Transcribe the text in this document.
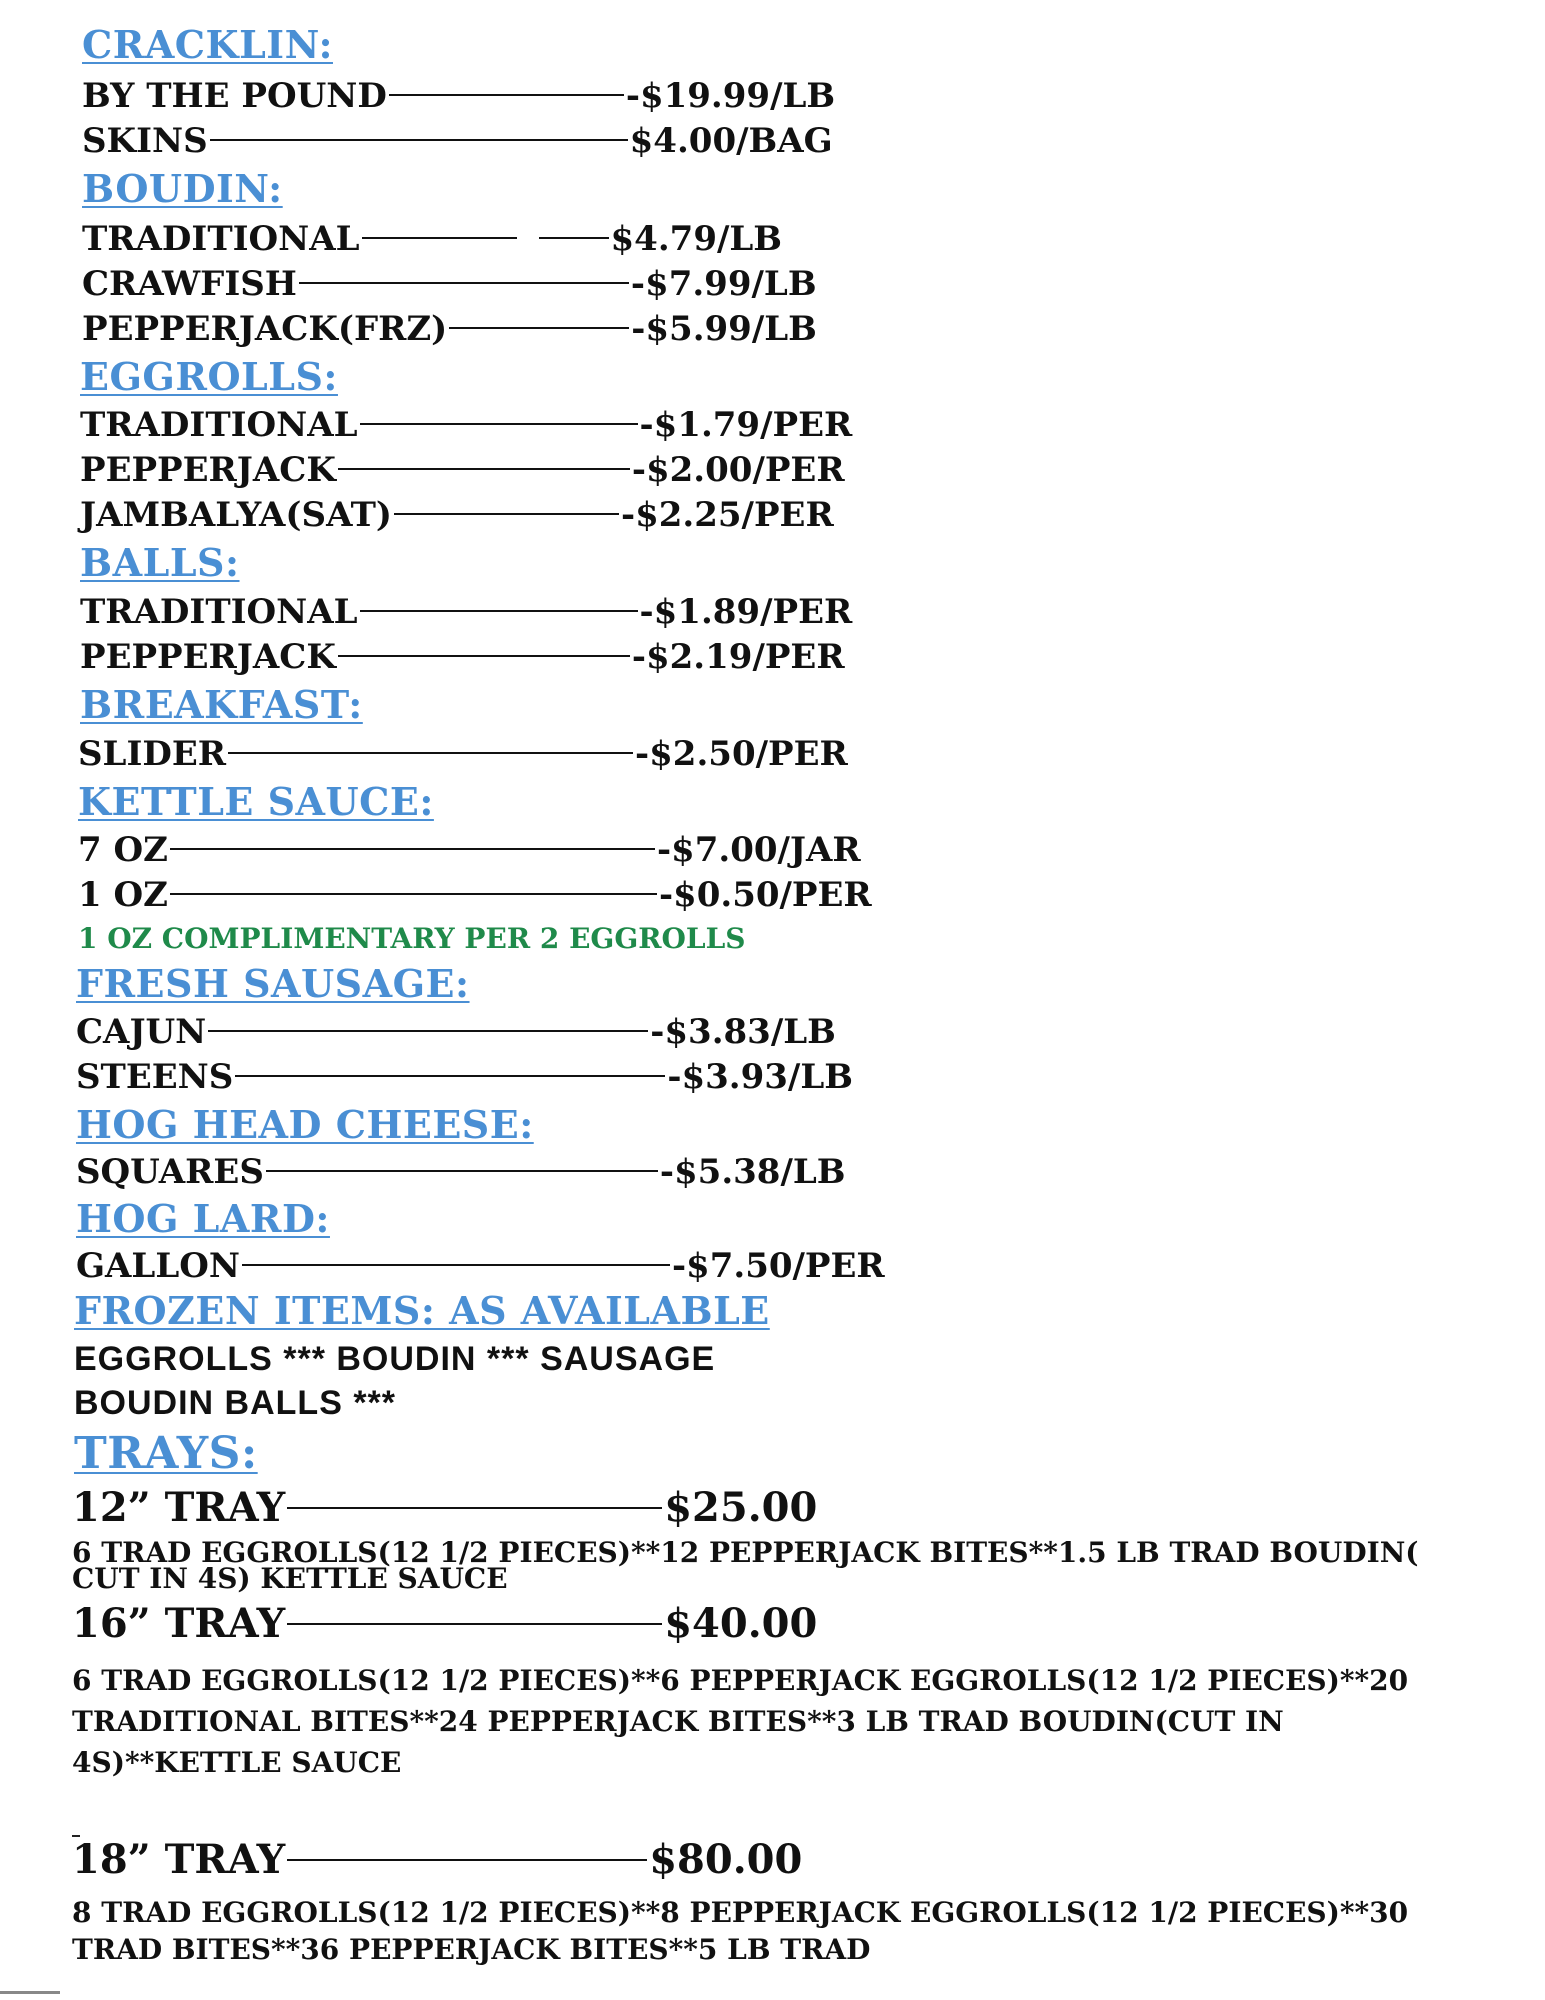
CRACKLIN:
BY THE POUND	-$19.99/LB
SKINS	$4.00/BAG
BOUDIN:
TRADITIONAL	$4.79/LB
CRAWFISH	-$7.99/LB
PEPPERJACK(FRZ)	-$5.99/LB
EGGROLLS:
TRADITIONAL	-$1.79/PER
PEPPERJACK	-$2.00/PER
JAMBALYA(SAT)	-$2.25/PER
BALLS:
TRADITIONAL	-$1.89/PER
PEPPERJACK	-$2.19/PER
BREAKFAST:
SLIDER	-$2.50/PER
KETTLE SAUCE:
7 OZ	-$7.00/JAR
1 OZ	-$0.50/PER
1 OZ COMPLIMENTARY PER 2 EGGROLLS
FRESH SAUSAGE:
CAJUN	-$3.83/LB
STEENS	-$3.93/LB
HOG HEAD CHEESE:
SQUARES	-$5.38/LB
HOG LARD:
GALLON	-$7.50/PER
FROZEN ITEMS: AS AVAILABLE
EGGROLLS *** BOUDIN *** SAUSAGE
BOUDIN BALLS ***
TRAYS:
12” TRAY	$25.00
6 TRAD EGGROLLS(12 1/2 PIECES)**12 PEPPERJACK BITES**1.5 LB TRAD BOUDIN( CUT IN 4S) KETTLE SAUCE
16” TRAY	$40.00
6 TRAD EGGROLLS(12 1/2 PIECES)**6 PEPPERJACK EGGROLLS(12 1/2 PIECES)**20 TRADITIONAL BITES**24 PEPPERJACK BITES**3 LB TRAD BOUDIN(CUT IN 4S)**KETTLE SAUCE
18” TRAY	$80.00
8 TRAD EGGROLLS(12 1/2 PIECES)**8 PEPPERJACK EGGROLLS(12 1/2 PIECES)**30 TRAD BITES**36 PEPPERJACK BITES**5 LB TRAD
